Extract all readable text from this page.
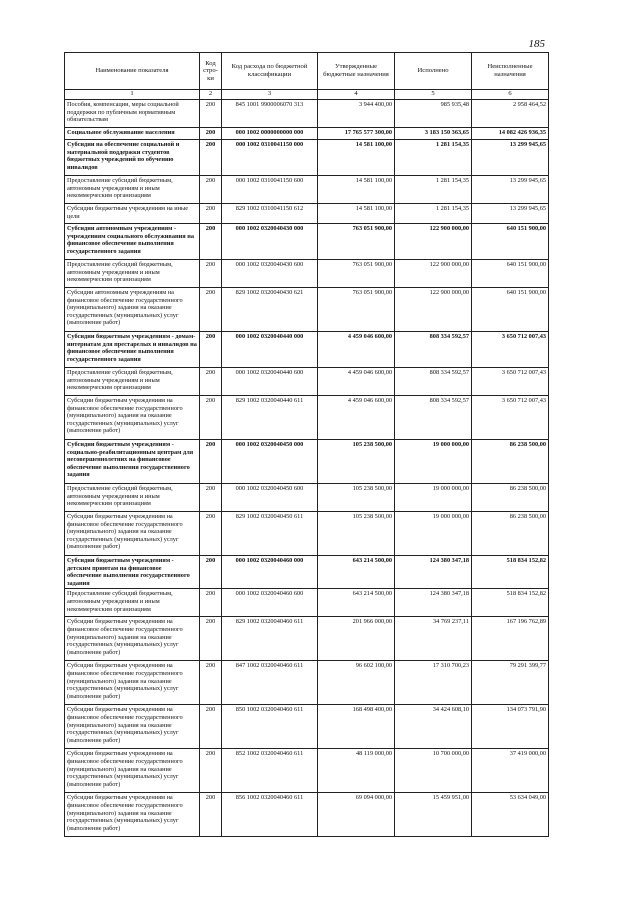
185
Наименование показателя	Код стро-ки	Код расхода по бюджетной классификации	Утвержденные бюджетные назначения	Исполнено	Неисполненные назначения
1	2	3	4	5	6
Пособия, компенсации, меры социальной поддержки по публичным нормативным обязательствам	200	845 1001 9900006070 313	3 944 400,00	985 935,48	2 958 464,52
Социальное обслуживание населения	200	000 1002 0000000000 000	17 765 577 300,00	3 183 150 363,65	14 082 426 936,35
Субсидии на обеспечение социальной и материальной поддержки студентов бюджетных учреждений по обучению инвалидов	200	000 1002 0310041150 000	14 581 100,00	1 281 154,35	13 299 945,65
Предоставление субсидий бюджетным, автономным учреждениям и иным некоммерческим организациям	200	000 1002 0310041150 600	14 581 100,00	1 281 154,35	13 299 945,65
Субсидии бюджетным учреждениям на иные цели	200	829 1002 0310041150 612	14 581 100,00	1 281 154,35	13 299 945,65
Субсидии автономным учреждениям - учреждениям социального обслуживания на финансовое обеспечение выполнения государственного задания	200	000 1002 0320040430 000	763 051 900,00	122 900 000,00	640 151 900,00
Предоставление субсидий бюджетным, автономным учреждениям и иным некоммерческим организациям	200	000 1002 0320040430 600	763 051 900,00	122 900 000,00	640 151 900,00
Субсидии автономным учреждениям на финансовое обеспечение государственного (муниципального) задания на оказание государственных (муниципальных) услуг (выполнение работ)	200	829 1002 0320040430 621	763 051 900,00	122 900 000,00	640 151 900,00
Субсидии бюджетным учреждениям - домам-интернатам для престарелых и инвалидов на финансовое обеспечение выполнения государственного задания	200	000 1002 0320040440 000	4 459 046 600,00	808 334 592,57	3 650 712 007,43
Предоставление субсидий бюджетным, автономным учреждениям и иным некоммерческим организациям	200	000 1002 0320040440 600	4 459 046 600,00	808 334 592,57	3 650 712 007,43
Субсидии бюджетным учреждениям на финансовое обеспечение государственного (муниципального) задания на оказание государственных (муниципальных) услуг (выполнение работ)	200	829 1002 0320040440 611	4 459 046 600,00	808 334 592,57	3 650 712 007,43
Субсидии бюджетным учреждениям - социально-реабилитационным центрам для несовершеннолетних на финансовое обеспечение выполнения государственного задания	200	000 1002 0320040450 000	105 238 500,00	19 000 000,00	86 238 500,00
Предоставление субсидий бюджетным, автономным учреждениям и иным некоммерческим организациям	200	000 1002 0320040450 600	105 238 500,00	19 000 000,00	86 238 500,00
Субсидии бюджетным учреждениям на финансовое обеспечение государственного (муниципального) задания на оказание государственных (муниципальных) услуг (выполнение работ)	200	829 1002 0320040450 611	105 238 500,00	19 000 000,00	86 238 500,00
Субсидии бюджетным учреждениям - детским приютам на финансовое обеспечение выполнения государственного задания	200	000 1002 0320040460 000	643 214 500,00	124 380 347,18	518 834 152,82
Предоставление субсидий бюджетным, автономным учреждениям и иным некоммерческим организациям	200	000 1002 0320040460 600	643 214 500,00	124 380 347,18	518 834 152,82
Субсидии бюджетным учреждениям на финансовое обеспечение государственного (муниципального) задания на оказание государственных (муниципальных) услуг (выполнение работ)	200	829 1002 0320040460 611	201 966 000,00	34 769 237,11	167 196 762,89
Субсидии бюджетным учреждениям на финансовое обеспечение государственного (муниципального) задания на оказание государственных (муниципальных) услуг (выполнение работ)	200	847 1002 0320040460 611	96 602 100,00	17 310 700,23	79 291 399,77
Субсидии бюджетным учреждениям на финансовое обеспечение государственного (муниципального) задания на оказание государственных (муниципальных) услуг (выполнение работ)	200	850 1002 0320040460 611	168 498 400,00	34 424 608,10	134 073 791,90
Субсидии бюджетным учреждениям на финансовое обеспечение государственного (муниципального) задания на оказание государственных (муниципальных) услуг (выполнение работ)	200	852 1002 0320040460 611	48 119 000,00	10 700 000,00	37 419 000,00
Субсидии бюджетным учреждениям на финансовое обеспечение государственного (муниципального) задания на оказание государственных (муниципальных) услуг (выполнение работ)	200	856 1002 0320040460 611	69 094 000,00	15 459 951,00	53 634 049,00
